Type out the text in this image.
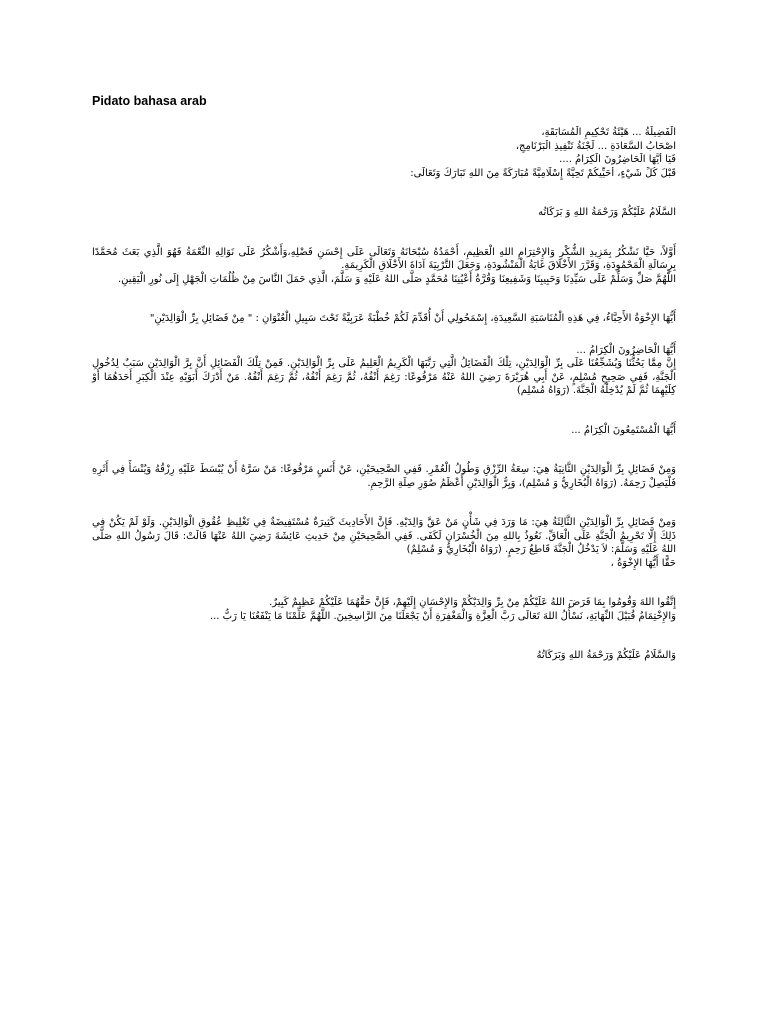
Pidato bahasa arab
الْفَضِيلَةُ ... هَيْئَةُ تَحْكِيمِ الْمُسَابَقَةِ،
اصْحَابُ السَّعَادَةِ ... لَجْنَةُ تَنْفِيذِ الْبَرْنَامِجِ،
فَيَا أَيُّهَا الْحَاضِرُونَ الْكِرَامُ ....
قَبْلَ كُلِّ شَيْءٍ، أُحَيِّيكُمْ تَحِيَّةً إِسْلَامِيَّةً مُبَارَكَةً مِنَ اللهِ تَبَارَكَ وَتَعَالَى:
السَّلَامُ عَلَيْكُمْ وَرَحْمَةُ اللهِ وَ بَرَكَاتُه
أَوَّلاً، حَيَّا نَشْكُرُ بِمَزِيدِ الشُّكْرِ وَالإِحْتِرَامِ اللهِ الْعَظِيمِ، أَحْمَدُهُ سُبْحَانَهُ وَتَعَالَى عَلَى إِحْسَنِ فَضْلِهِ،وَأَشْكُرُ عَلَى نَوَالِهِ النِّعْمَةُ فَهُوَ الَّذِي بَعَثَ مُحَمَّدًا بِرِسَالَةِ الْمَحْمُودَةِ، وَقَرَّرَ الأَخْلَاقَ غَايَةُ الْمَنْشُودَةِ، وَجَعَلَ التَّرْبِيَةَ آدَاةَ الأَخْلَاقِ الْكَرِيمَةِ.
اللَّهُمَّ صَلِّ وَسَلِّمْ عَلَى سَيِّدِنَا وَحَبِيبِنَا وَشَفِيعِنَا وَقُرَّةُ أَعْيُنِنَا مُحَمَّدٍ صَلَّى اللهُ عَلَيْهِ وَ سَلَّمَ، الَّذِي حَمَلَ النَّاسَ مِنْ ظُلُمَاتِ الْجَهْلِ إِلَى نُورِ الْيَقِينِ.
أَيُّهَا الإِخْوَةُ الأَحِبَّاءُ، فِي هَذِهِ الْمُنَاسَبَةِ السَّعِيدَةِ، إِسْمَحُولِي أَنْ أُقَدِّمَ لَكُمْ خُطْبَةً عَرَبِيَّةً تَحْتَ سَبِيلِ الْعُنْوَانِ : " مِنْ فَضَائِلِ بِرِّ الْوَالِدَيْنِ"
أَيُّهَا الْحَاضِرُونَ الْكِرَامُ ...
إِنَّ مِمَّا يَحُثُّنَا وَيُشَجِّعُنَا عَلَى بِرِّ الْوَالِدَيْنِ، تِلْكَ الْفَضَائِلُ الَّتِي رَتَّبَهَا الْكَرِيمُ الْعَلِيمُ عَلَى بِرِّ الْوَالِدَيْنِ. فَمِنْ تِلْكَ الْفَضَائِلِ أَنَّ بِرَّ الْوَالِدَيْنِ سَبَبٌ لِدُخُولِ الْجَنَّةِ، فَفِي صَحِيحِ مُسْلِمٍ، عَنْ أَبِي هُرَيْرَةَ رَضِيَ اللهُ عَنْهُ مَرْفُوعًا: رَغِمَ أَنْفُهُ، ثُمَّ رَغِمَ أَنْفُهُ، ثُمَّ رَغِمَ أَنْفُهُ. مَنْ أَدْرَكَ أَبَوَيْهِ عِنْدَ الْكِبَرِ أَحَدَهُمَا أَوْ كِلَيْهِمَا ثُمَّ لَمْ يُدْخِلْهُ الْجَنَّةَ. (رَوَاهُ مُسْلِم)
أَيُّهَا الْمُسْتَمِعُونَ الْكِرَامُ ...
وَمِنْ فَضَائِلِ بِرِّ الْوَالِدَيْنِ الثَّانِيَةُ هِيَ: سِعَةُ الرِّزْقِ وَطُولُ الْعُمْرِ. فَفِي الصَّحِيحَيْنِ، عَنْ أَنَسٍ مَرْفُوعًا: مَنْ سَرَّهُ أَنْ يُبْسَطَ عَلَيْهِ رِزْقُهُ وَيُنْسَأَ فِي أَثَرِهِ فَلْيَصِلْ رَحِمَهُ. (رَوَاهُ الْبُخَارِيُّ وَ مُسْلِم)، وَبِرُّ الْوَالِدَيْنِ أَعْظَمُ صُوَرِ صِلَةِ الرَّحِمِ.
وَمِنْ فَضَائِلِ بِرِّ الْوَالِدَيْنِ الثَّالِثَةُ هِيَ: مَا وَرَدَ فِي شَأْنٍ مَنْ عَقَّ وَالِدَيْهِ. فَإِنَّ الأَحَادِيثَ كَثِيرَةٌ مُسْتَفِيضَةٌ فِي تَغْلِيظِ عُقُوقِ الْوَالِدَيْنِ. وَلَوْ لَمْ يَكُنْ فِي ذَلِكَ إِلَّا تَحْرِيمُ الْجَنَّةِ عَلَى الْعَاقِّ. نَعُوذُ بِاللهِ مِنَ الْخُسْرَانِ لَكَفَى. فَفِي الصَّحِيحَيْنِ مِنْ حَدِيثِ عَائِشَةَ رَضِيَ اللهُ عَنْهَا قَالَتْ: قَالَ رَسُولُ اللهِ صَلَّى اللهُ عَلَيْهِ وَسَلَّمَ: لاَ يَدْخُلُ الْجَنَّةَ قَاطِعُ رَحِمٍ. (رَوَاهُ الْبُخَارِيُّ وَ مُسْلِمٌ)
حَقًّا أَيُّهَا الإِخْوَةُ ،
إِتَّقُوا اللهَ وَقُومُوا بِمَا فَرَضَ اللهُ عَلَيْكُمْ مِنْ بِرِّ وَالِدَيْكُمْ وَالإِحْسَانِ إِلَيْهِمْ، فَإِنَّ حَقَّهُمَا عَلَيْكُمْ عَظِيمٌ كَبِيرٌ.
وَالإِخْتِمَامُ قُبَيْلَ النِّهَايَةِ، نَسْأَلُ اللهَ تَعَالَى رَبَّ الْعِزَّةِ وَالْمَغْفِرَةِ أَنْ يَجْعَلَنَا مِنَ الرَّاسِخِينَ. اللَّهُمَّ عَلِّمْنَا مَا يَنْفَعُنَا يَا رَبُّ ...
وَالسَّلَامُ عَلَيْكُمْ وَرَحْمَةُ اللهِ وَبَرَكَاتُهُ
